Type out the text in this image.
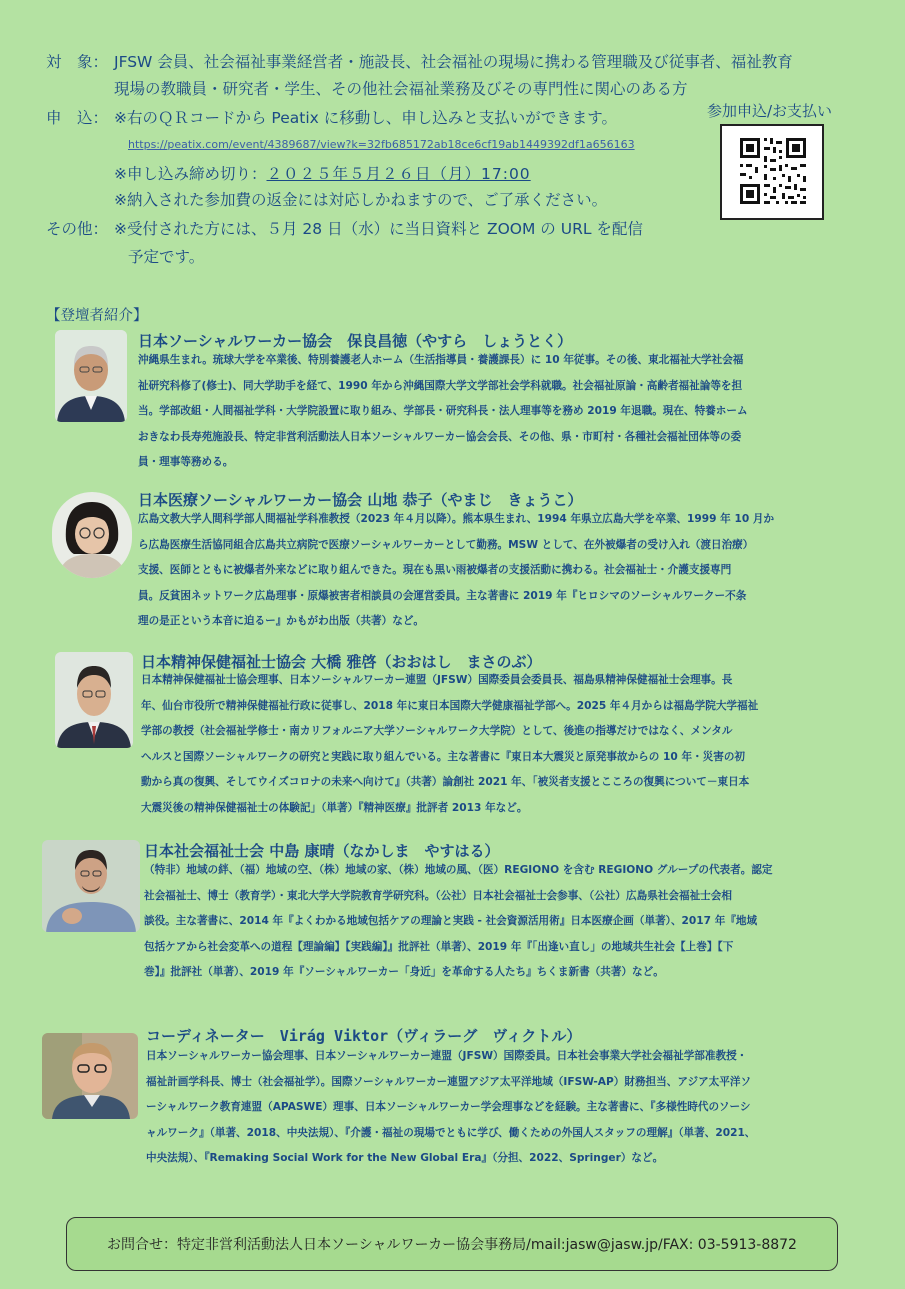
対　象： JFSW 会員、社会福祉事業経営者・施設長、社会福祉の現場に携わる管理職及び従事者、福祉教育
現場の教職員・研究者・学生、その他社会福祉業務及びその専門性に関心のある方
申　込： ※右のＱＲコードから Peatix に移動し、申し込みと支払いができます。
https://peatix.com/event/4389687/view?k=32fb685172ab18ce6cf19ab1449392df1a656163
※申し込み締め切り：２０２５年５月２６日（月）17:00
※納入された参加費の返金には対応しかねますので、ご了承ください。
その他： ※受付された方には、５月 28 日（水）に当日資料と ZOOM の URL を配信
予定です。
参加申込/お支払い
【登壇者紹介】
日本ソーシャルワーカー協会　保良昌徳（やすら　しょうとく）
沖縄県生まれ。琉球大学を卒業後、特別養護老人ホーム（生活指導員・養護課長）に 10 年従事。その後、東北福祉大学社会福
祉研究科修了(修士)、同大学助手を経て、1990 年から沖縄国際大学文学部社会学科就職。社会福祉原論・高齢者福祉論等を担
当。学部改組・人間福祉学科・大学院設置に取り組み、学部長・研究科長・法人理事等を務め 2019 年退職。現在、特養ホーム
おきなわ長寿苑施設長、特定非営利活動法人日本ソーシャルワーカー協会会長、その他、県・市町村・各種社会福祉団体等の委
員・理事等務める。
日本医療ソーシャルワーカー協会 山地 恭子（やまじ　きょうこ）
広島文教大学人間科学部人間福祉学科准教授（2023 年４月以降）。熊本県生まれ、1994 年県立広島大学を卒業、1999 年 10 月か
ら広島医療生活協同組合広島共立病院で医療ソーシャルワーカーとして勤務。MSW として、在外被爆者の受け入れ（渡日治療）
支援、医師とともに被爆者外来などに取り組んできた。現在も黒い雨被爆者の支援活動に携わる。社会福祉士・介護支援専門
員。反貧困ネットワーク広島理事・原爆被害者相談員の会運営委員。主な著書に 2019 年『ヒロシマのソーシャルワークー不条
理の是正という本音に迫るー』かもがわ出版（共著）など。
日本精神保健福祉士協会 大橋 雅啓（おおはし　まさのぶ）
日本精神保健福祉士協会理事、日本ソーシャルワーカー連盟（JFSW）国際委員会委員長、福島県精神保健福祉士会理事。長
年、仙台市役所で精神保健福祉行政に従事し、2018 年に東日本国際大学健康福祉学部へ。2025 年４月からは福島学院大学福祉
学部の教授（社会福祉学修士・南カリフォルニア大学ソーシャルワーク大学院）として、後進の指導だけではなく、メンタル
ヘルスと国際ソーシャルワークの研究と実践に取り組んでいる。主な著書に『東日本大震災と原発事故からの 10 年・災害の初
動から真の復興、そしてウイズコロナの未来へ向けて』（共著）論創社 2021 年、「被災者支援とこころの復興について－東日本
大震災後の精神保健福祉士の体験記」（単著）『精神医療』批評者 2013 年など。
日本社会福祉士会 中島 康晴（なかしま　やすはる）
（特非）地域の絆、（福）地域の空、（株）地域の家、（株）地域の風、（医）REGIONO を含む REGIONO グループの代表者。認定
社会福祉士、博士（教育学）・東北大学大学院教育学研究科。（公社）日本社会福祉士会参事、（公社）広島県社会福祉士会相
談役。主な著書に、2014 年『よくわかる地域包括ケアの理論と実践 - 社会資源活用術』日本医療企画（単著）、2017 年『地域
包括ケアから社会変革への道程【理論編】【実践編】』批評社（単著）、2019 年『「出逢い直し」の地域共生社会【上巻】【下
巻】』批評社（単著）、2019 年『ソーシャルワーカー「身近」を革命する人たち』ちくま新書（共著）など。
コーディネーター　Virág Viktor（ヴィラーグ　ヴィクトル）
日本ソーシャルワーカー協会理事、日本ソーシャルワーカー連盟（JFSW）国際委員。日本社会事業大学社会福祉学部准教授・
福祉計画学科長、博士（社会福祉学）。国際ソーシャルワーカー連盟アジア太平洋地域（IFSW-AP）財務担当、アジア太平洋ソ
ーシャルワーク教育連盟（APASWE）理事、日本ソーシャルワーカー学会理事などを経験。主な著書に、『多様性時代のソーシ
ャルワーク』（単著、2018、中央法規）、『介護・福祉の現場でともに学び、働くための外国人スタッフの理解』（単著、2021、
中央法規）、『Remaking Social Work for the New Global Era』（分担、2022、Springer）など。
お問合せ：特定非営利活動法人日本ソーシャルワーカー協会事務局/mail:jasw@jasw.jp/FAX: 03-5913-8872
